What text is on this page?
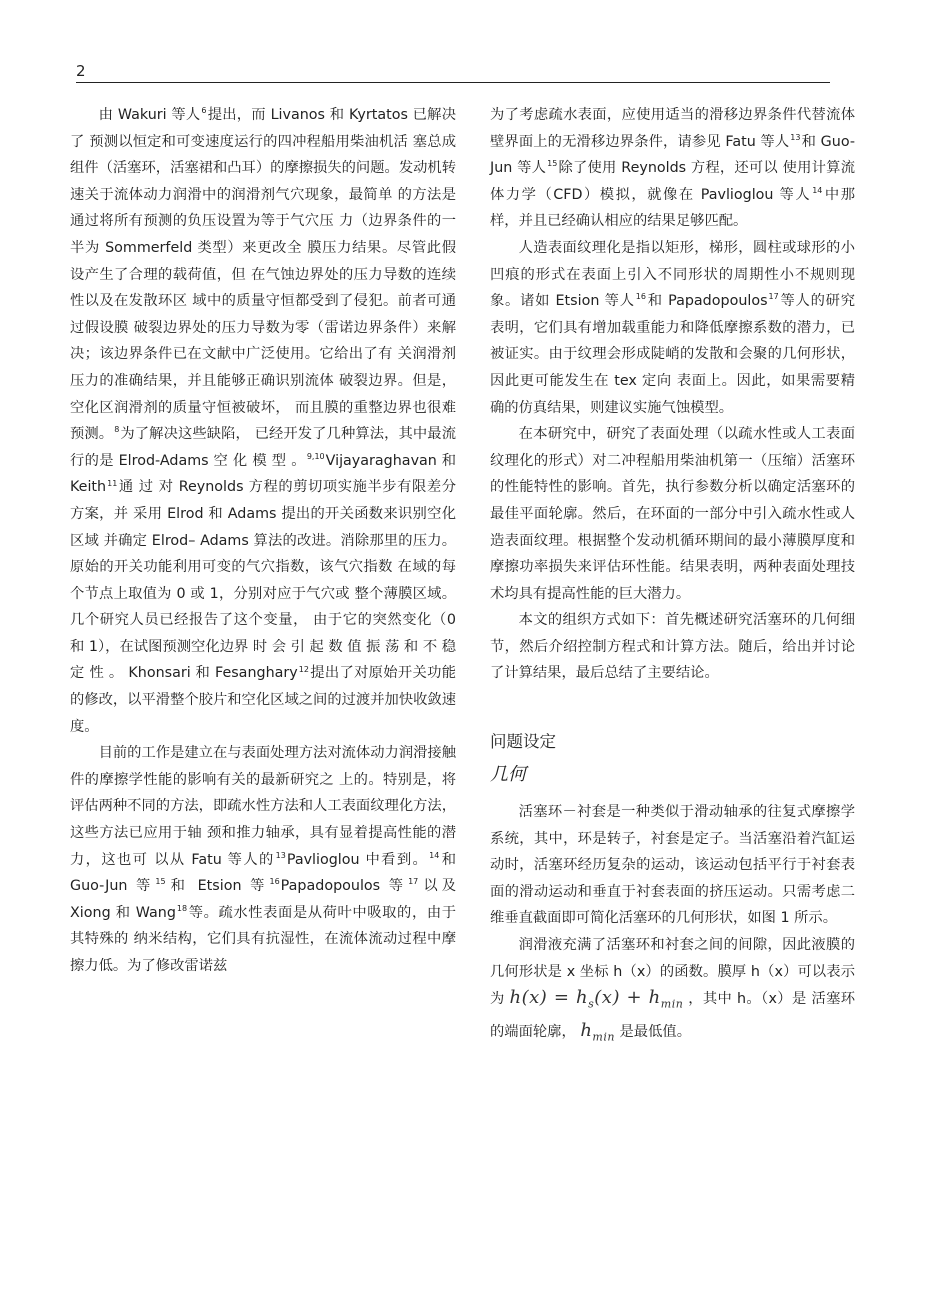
2

由 Wakuri 等人$^6$提出，而 Livanos 和 Kyrtatos 已解决了 预测以恒定和可变速度运行的四冲程船用柴油机活 塞总成组件（活塞环，活塞裙和凸耳）的摩擦损失的问题。发动机转速关于流体动力润滑中的润滑剂气穴现象，最简单 的方法是通过将所有预测的负压设置为等于气穴压 力（边界条件的一半为 Sommerfeld 类型）来更改全 膜压力结果。尽管此假设产生了合理的载荷值，但 在气蚀边界处的压力导数的连续性以及在发散环区 域中的质量守恒都受到了侵犯。前者可通过假设膜 破裂边界处的压力导数为零（雷诺边界条件）来解决；该边界条件已在文献中广泛使用。它给出了有 关润滑剂压力的准确结果，并且能够正确识别流体 破裂边界。但是，空化区润滑剂的质量守恒被破坏， 而且膜的重整边界也很难预测。$^8$为了解决这些缺陷， 已经开发了几种算法，其中最流行的是 Elrod-Adams 空 化 模 型 。$^{9,10}$Vijayaraghavan 和 Keith$^{11}$通 过 对 Reynolds 方程的剪切项实施半步有限差分方案，并 采用 Elrod 和 Adams 提出的开关函数来识别空化区域 并确定 Elrod– Adams 算法的改进。消除那里的压力。 原始的开关功能利用可变的气穴指数，该气穴指数 在域的每个节点上取值为 0 或 1，分别对应于气穴或 整个薄膜区域。几个研究人员已经报告了这个变量， 由于它的突然变化（0 和 1），在试图预测空化边界 时 会 引 起 数 值 振 荡 和 不 稳 定 性 。 Khonsari 和 Fesanghary$^{12}$提出了对原始开关功能的修改，以平滑整个胶片和空化区域之间的过渡并加快收敛速度。

目前的工作是建立在与表面处理方法对流体动力润滑接触件的摩擦学性能的影响有关的最新研究之 上的。特别是，将评估两种不同的方法，即疏水性方法和人工表面纹理化方法，这些方法已应用于轴 颈和推力轴承，具有显着提高性能的潜力，这也可 以从 Fatu 等人的$^{13}$Pavlioglou 中看到。$^{14}$和 Guo-Jun 等$^{15}$和 Etsion 等$^{16}$Papadopoulos 等$^{17}$以及 Xiong 和 Wang$^{18}$等。疏水性表面是从荷叶中吸取的，由于其特殊的 纳米结构，它们具有抗湿性，在流体流动过程中摩擦力低。为了修改雷诺兹

为了考虑疏水表面，应使用适当的滑移边界条件代替流体壁界面上的无滑移边界条件，请参见 Fatu 等人$^{13}$和 Guo-Jun 等人$^{15}$除了使用 Reynolds 方程，还可以 使用计算流体力学（CFD）模拟，就像在 Pavlioglou 等人$^{14}$中那样，并且已经确认相应的结果足够匹配。

人造表面纹理化是指以矩形，梯形，圆柱或球形的小凹痕的形式在表面上引入不同形状的周期性小不规则现象。诸如 Etsion 等人$^{16}$和 Papadopoulos$^{17}$等人的研究表明，它们具有增加载重能力和降低摩擦系数的潜力，已被证实。由于纹理会形成陡峭的发散和会聚的几何形状，因此更可能发生在 tex 定向 表面上。因此，如果需要精确的仿真结果，则建议实施气蚀模型。

在本研究中，研究了表面处理（以疏水性或人工表面纹理化的形式）对二冲程船用柴油机第一（压缩）活塞环的性能特性的影响。首先，执行参数分析以确定活塞环的最佳平面轮廓。然后，在环面的一部分中引入疏水性或人造表面纹理。根据整个发动机循环期间的最小薄膜厚度和摩擦功率损失来评估环性能。结果表明，两种表面处理技术均具有提高性能的巨大潜力。

本文的组织方式如下：首先概述研究活塞环的几何细节，然后介绍控制方程式和计算方法。随后，给出并讨论了计算结果，最后总结了主要结论。

问题设定
几何

活塞环－衬套是一种类似于滑动轴承的往复式摩擦学系统，其中，环是转子，衬套是定子。当活塞沿着汽缸运动时，活塞环经历复杂的运动，该运动包括平行于衬套表面的滑动运动和垂直于衬套表面的挤压运动。只需考虑二维垂直截面即可简化活塞环的几何形状，如图 1 所示。

润滑液充满了活塞环和衬套之间的间隙，因此液膜的几何形状是 x 坐标 h（x）的函数。膜厚 h（x）可以表示为 $h(x) = h_s(x) + h_{min}$ ，其中 h。（x）是 活塞环的端面轮廓， $h_{min}$ 是最低值。
